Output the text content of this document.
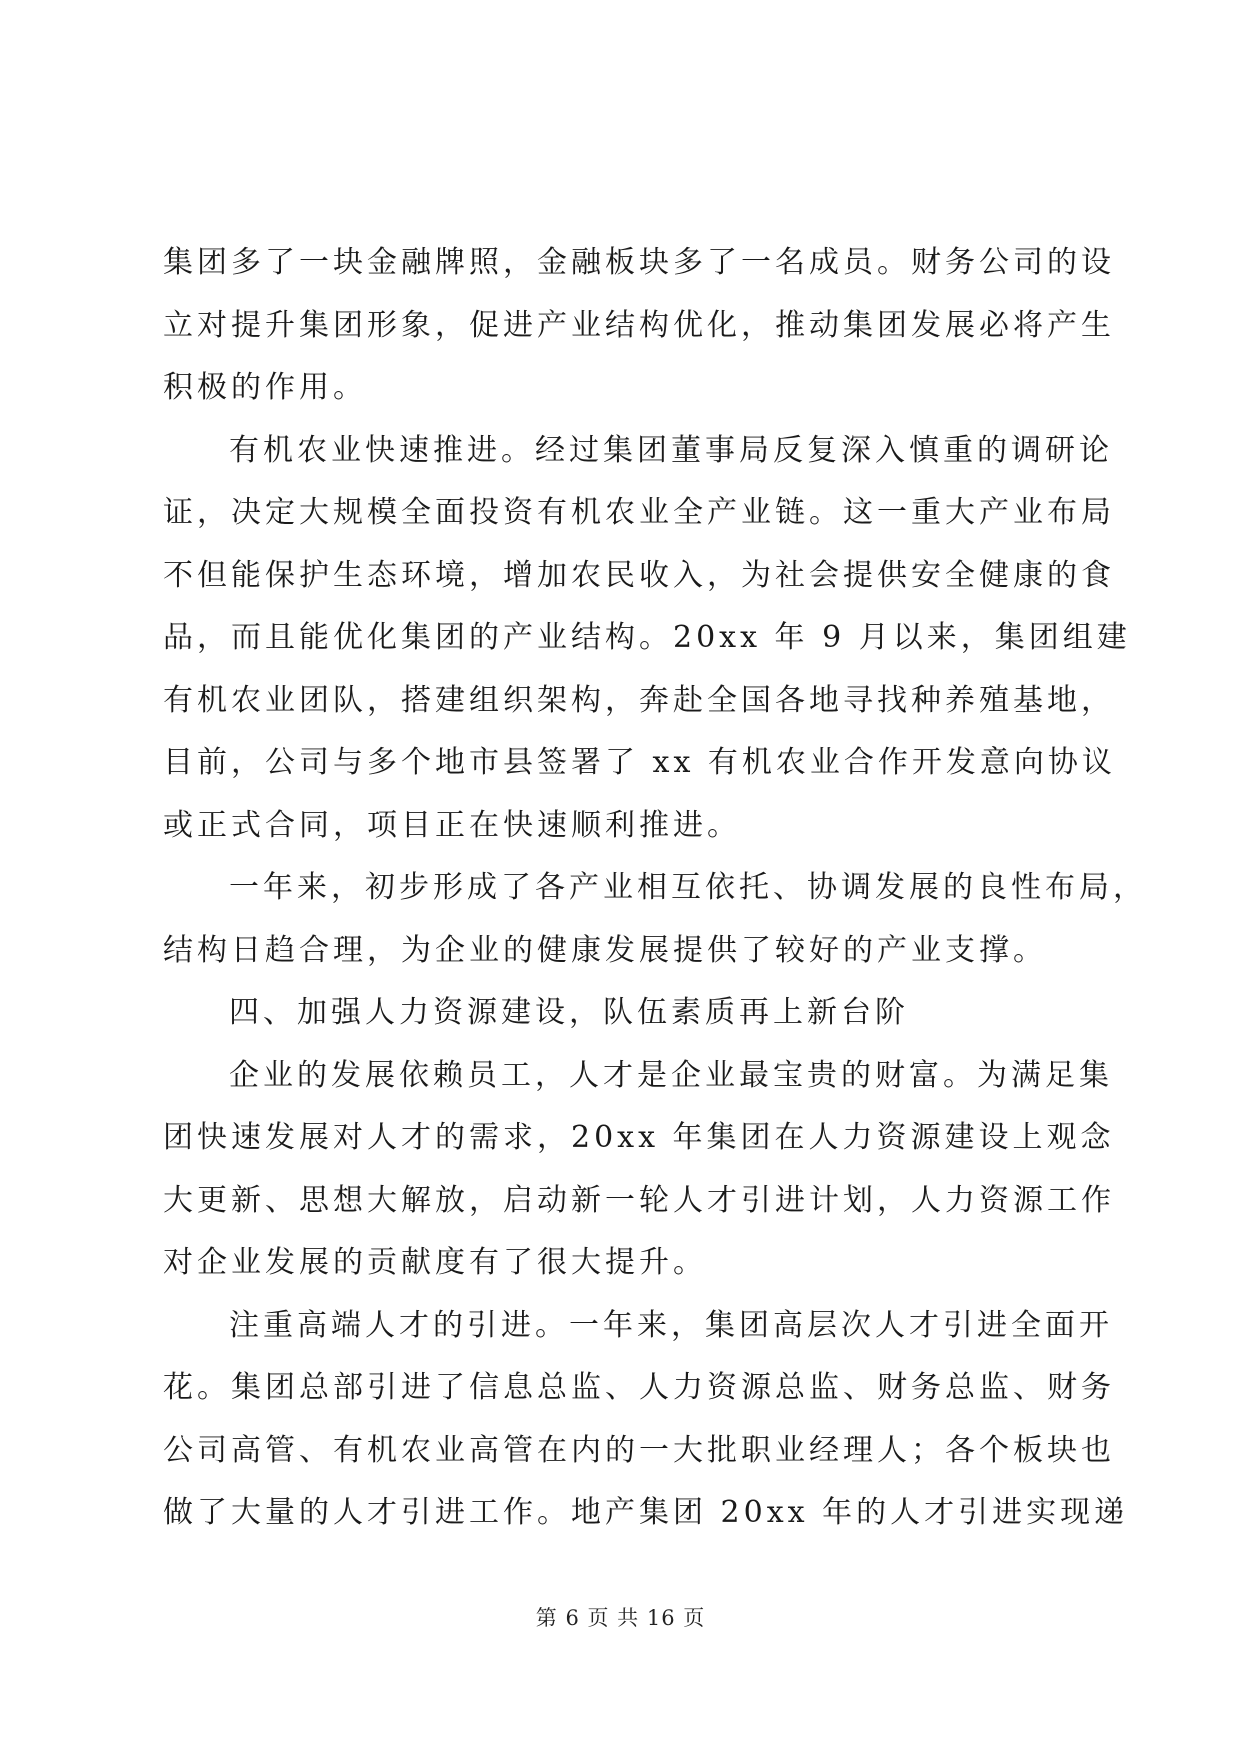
集团多了一块金融牌照，金融板块多了一名成员。财务公司的设
立对提升集团形象，促进产业结构优化，推动集团发展必将产生
积极的作用。
有机农业快速推进。经过集团董事局反复深入慎重的调研论
证，决定大规模全面投资有机农业全产业链。这一重大产业布局
不但能保护生态环境，增加农民收入，为社会提供安全健康的食
品，而且能优化集团的产业结构。20xx 年 9 月以来，集团组建
有机农业团队，搭建组织架构，奔赴全国各地寻找种养殖基地，
目前，公司与多个地市县签署了 xx 有机农业合作开发意向协议
或正式合同，项目正在快速顺利推进。
一年来，初步形成了各产业相互依托、协调发展的良性布局，
结构日趋合理，为企业的健康发展提供了较好的产业支撑。
四、加强人力资源建设，队伍素质再上新台阶
企业的发展依赖员工，人才是企业最宝贵的财富。为满足集
团快速发展对人才的需求，20xx 年集团在人力资源建设上观念
大更新、思想大解放，启动新一轮人才引进计划，人力资源工作
对企业发展的贡献度有了很大提升。
注重高端人才的引进。一年来，集团高层次人才引进全面开
花。集团总部引进了信息总监、人力资源总监、财务总监、财务
公司高管、有机农业高管在内的一大批职业经理人；各个板块也
做了大量的人才引进工作。地产集团 20xx 年的人才引进实现递
第 6 页 共 16 页
